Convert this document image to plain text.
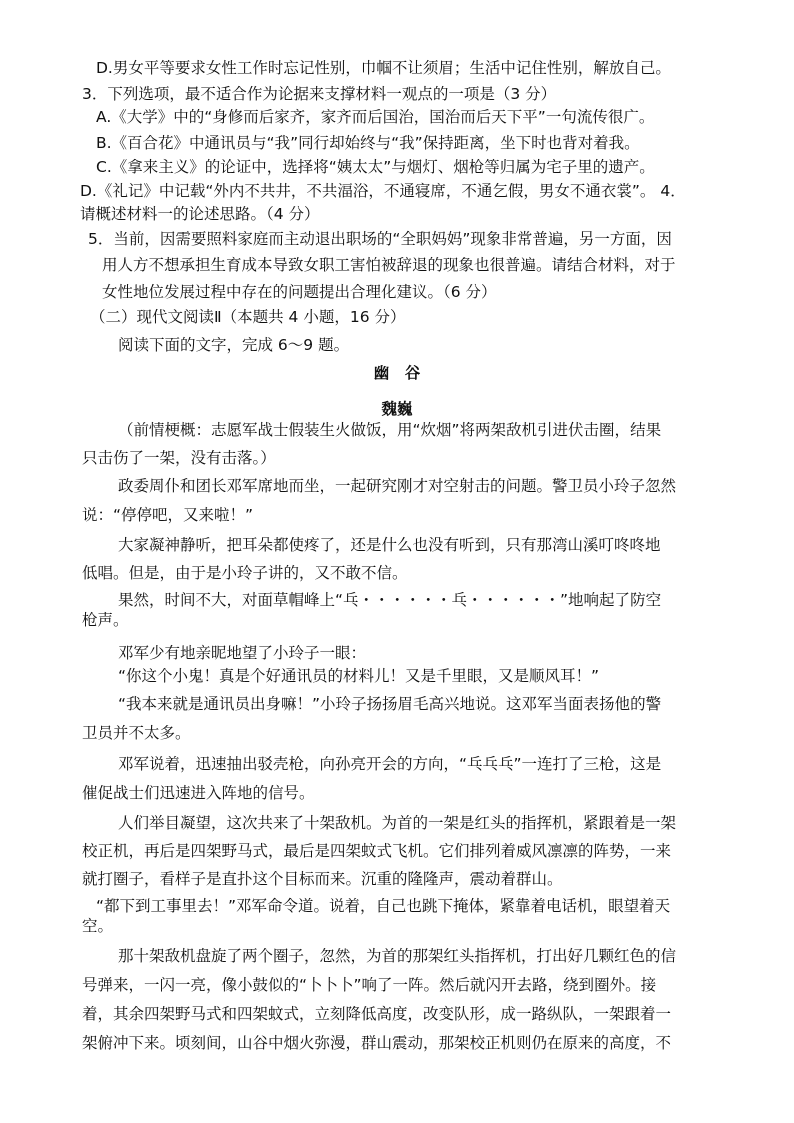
D.男女平等要求女性工作时忘记性别，巾帼不让须眉；生活中记住性别，解放自己。
3．下列选项，最不适合作为论据来支撑材料一观点的一项是（3 分）
A.《大学》中的“身修而后家齐，家齐而后国治，国治而后天下平”一句流传很广。
B.《百合花》中通讯员与“我”同行却始终与“我”保持距离，坐下时也背对着我。
C.《拿来主义》的论证中，选择将“姨太太”与烟灯、烟枪等归属为宅子里的遗产。
D.《礼记》中记载“外内不共井，不共湢浴，不通寝席，不通乞假，男女不通衣裳”。 4．
请概述材料一的论述思路。（4 分）
5．当前，因需要照料家庭而主动退出职场的“全职妈妈”现象非常普遍，另一方面，因
用人方不想承担生育成本导致女职工害怕被辞退的现象也很普遍。请结合材料，对于
女性地位发展过程中存在的问题提出合理化建议。（6 分）
（二）现代文阅读Ⅱ（本题共 4 小题，16 分）
阅读下面的文字，完成 6～9 题。
幽　谷
魏巍
（前情梗概：志愿军战士假装生火做饭，用“炊烟”将两架敌机引进伏击圈，结果
只击伤了一架，没有击落。）
政委周仆和团长邓军席地而坐，一起研究刚才对空射击的问题。警卫员小玲子忽然
说：“停停吧，又来啦！”
大家凝神静听，把耳朵都使疼了，还是什么也没有听到，只有那湾山溪叮咚咚地
低唱。但是，由于是小玲子讲的，又不敢不信。
果然，时间不大，对面草帽峰上“乓・・・・・・乓・・・・・・”地响起了防空
枪声。
邓军少有地亲昵地望了小玲子一眼：
“你这个小鬼！真是个好通讯员的材料儿！又是千里眼，又是顺风耳！”
“我本来就是通讯员出身嘛！”小玲子扬扬眉毛高兴地说。这邓军当面表扬他的警
卫员并不太多。
邓军说着，迅速抽出驳壳枪，向孙亮开会的方向，“乓乓乓”一连打了三枪，这是
催促战士们迅速进入阵地的信号。
人们举目凝望，这次共来了十架敌机。为首的一架是红头的指挥机，紧跟着是一架
校正机，再后是四架野马式，最后是四架蚊式飞机。它们排列着威风凛凛的阵势，一来
就打圈子，看样子是直扑这个目标而来。沉重的隆隆声，震动着群山。
“都下到工事里去！”邓军命令道。说着，自己也跳下掩体，紧靠着电话机，眼望着天
空。
那十架敌机盘旋了两个圈子，忽然，为首的那架红头指挥机，打出好几颗红色的信
号弹来，一闪一亮，像小鼓似的“卜卜卜”响了一阵。然后就闪开去路，绕到圈外。接
着，其余四架野马式和四架蚊式，立刻降低高度，改变队形，成一路纵队，一架跟着一
架俯冲下来。顷刻间，山谷中烟火弥漫，群山震动，那架校正机则仍在原来的高度，不
